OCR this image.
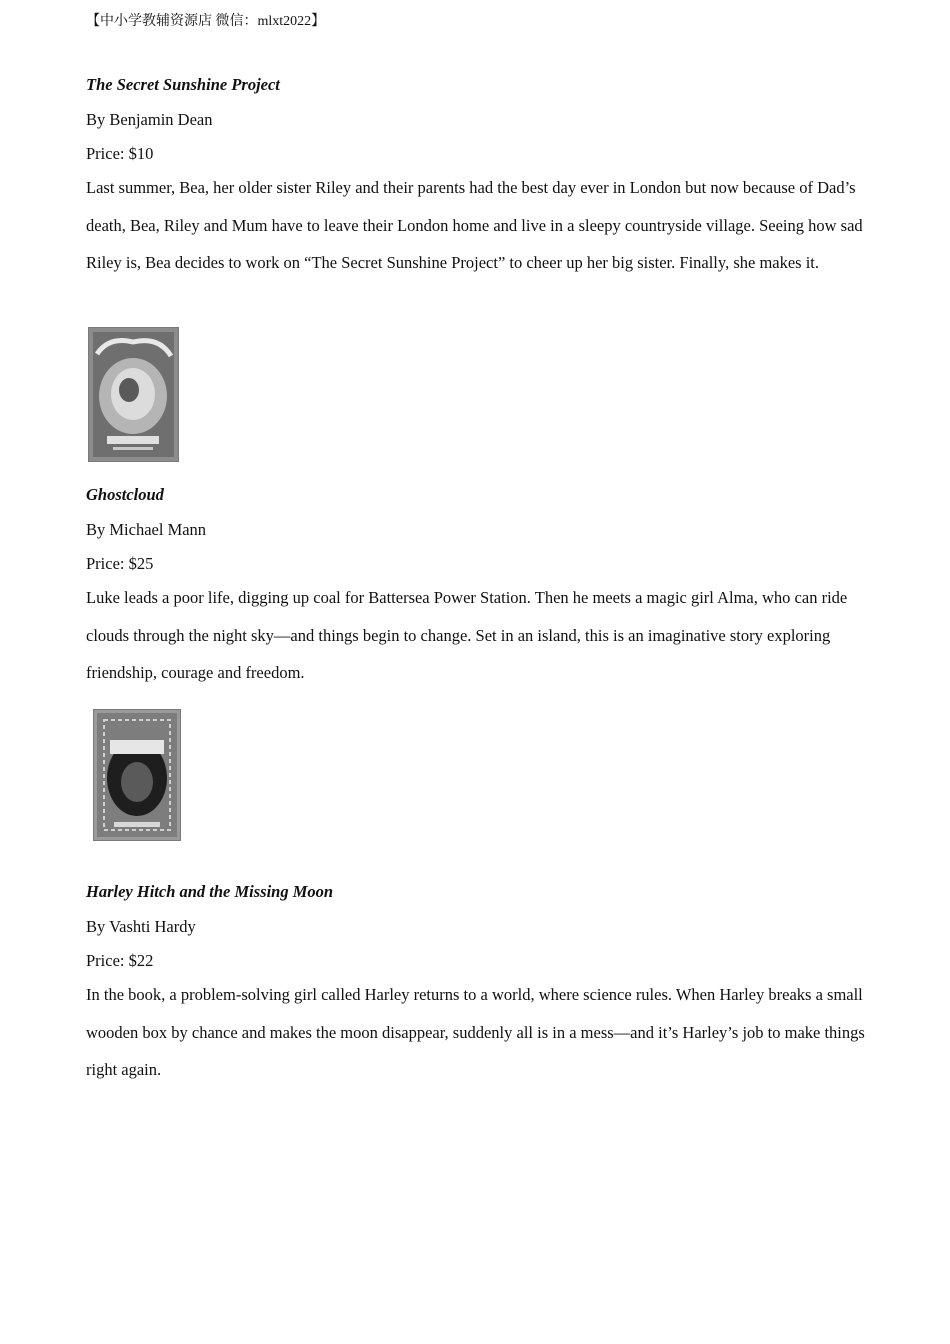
【中小学教辅资源店 微信：mlxt2022】

The Secret Sunshine Project

By Benjamin Dean

Price: $10

Last summer, Bea, her older sister Riley and their parents had the best day ever in London but now because of Dad’s death, Bea, Riley and Mum have to leave their London home and live in a sleepy countryside village. Seeing how sad Riley is, Bea decides to work on “The Secret Sunshine Project” to cheer up her big sister. Finally, she makes it.

Ghostcloud

By Michael Mann

Price: $25

Luke leads a poor life, digging up coal for Battersea Power Station. Then he meets a magic girl Alma, who can ride clouds through the night sky—and things begin to change. Set in an island, this is an imaginative story exploring friendship, courage and freedom.

Harley Hitch and the Missing Moon

By Vashti Hardy

Price: $22

In the book, a problem-solving girl called Harley returns to a world, where science rules. When Harley breaks a small wooden box by chance and makes the moon disappear, suddenly all is in a mess—and it’s Harley’s job to make things right again.
